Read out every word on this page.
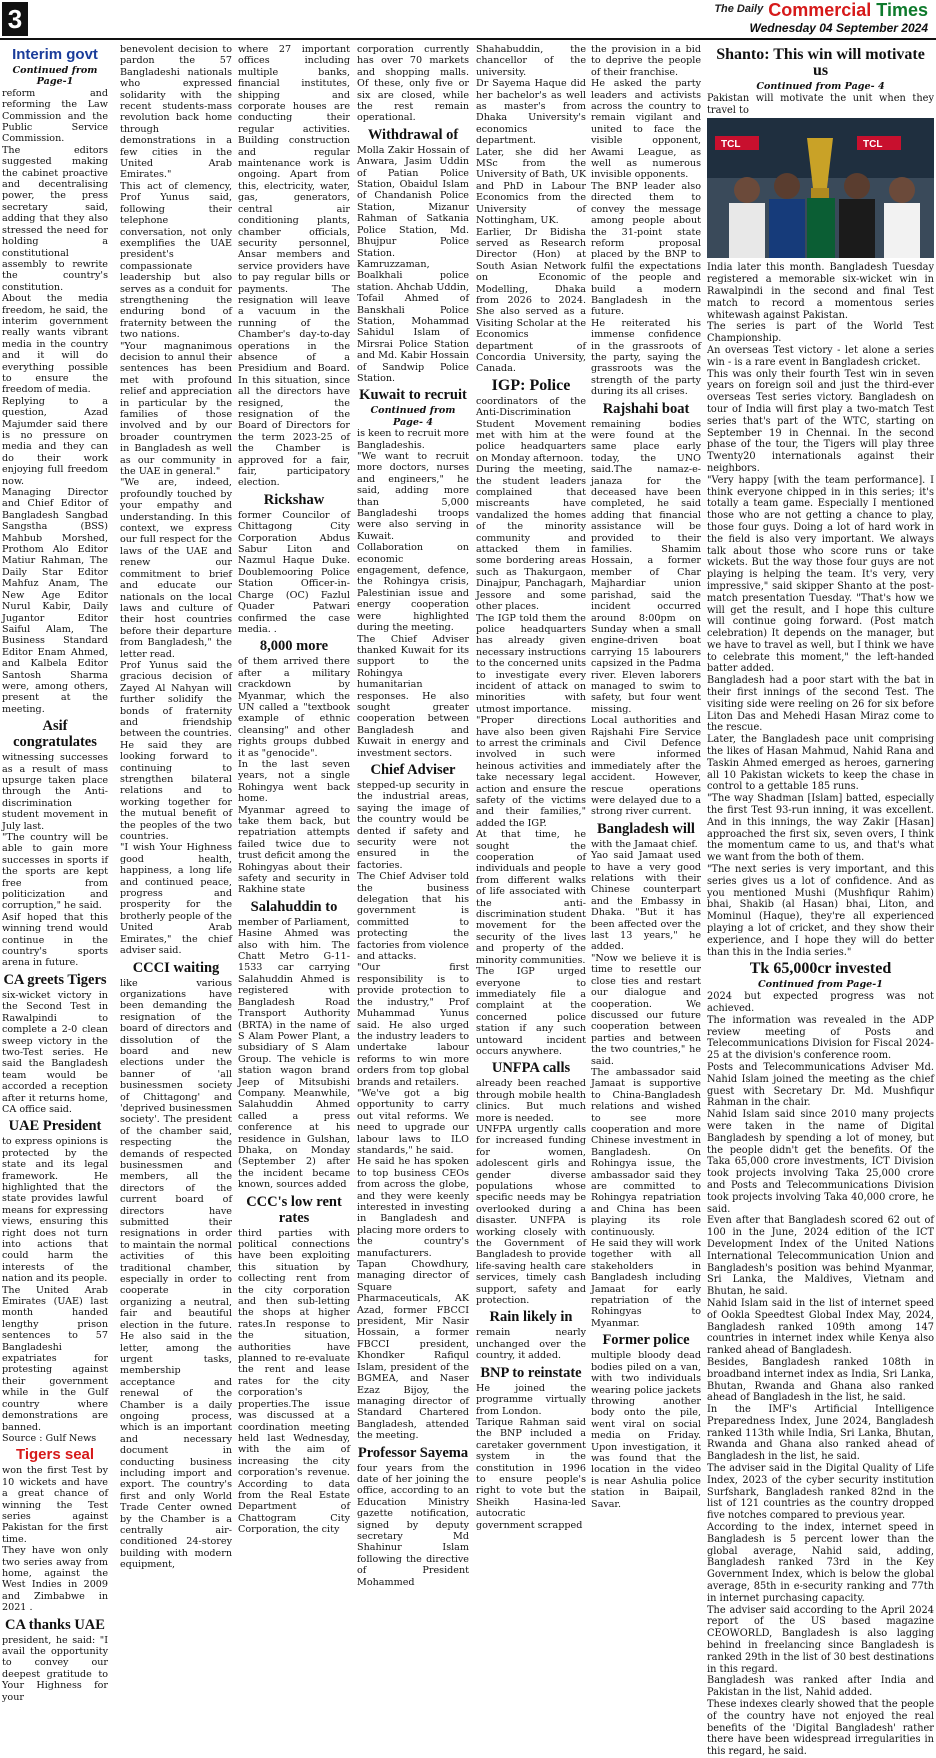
3	$^{The Daily}$ Commercial Times
Wednesday 04 September 2024
Interim govt
Continued from Page-1

reform and reforming the Law Commission and the Public Service Commission.

The editors suggested making the cabinet proactive and decentralising power, the press secretary said, adding that they also stressed the need for holding a constitutional assembly to rewrite the country's constitution.

About the media freedom, he said, the interim government really wants vibrant media in the country and it will do everything possible to ensure the freedom of media.

Replying to a question, Azad Majumder said there is no pressure on media and they can do their work enjoying full freedom now.

Managing Director and Chief Editor of Bangladesh Sangbad Sangstha (BSS) Mahbub Morshed, Prothom Alo Editor Matiur Rahman, The Daily Star Editor Mahfuz Anam, The New Age Editor Nurul Kabir, Daily Jugantor Editor Saiful Alam, The Business Standard Editor Enam Ahmed, and Kalbela Editor Santosh Sharma were, among others, present at the meeting.

Asif congratulates

witnessing successes as a result of mass upsurge taken place through the Anti-discrimination student movement in July last.

"The country will be able to gain more successes in sports if the sports are kept free from politicization and corruption," he said.

Asif hoped that this winning trend would continue in the country's sports arena in future.

CA greets Tigers

six-wicket victory in the Second Test in Rawalpindi to complete a 2-0 clean sweep victory in the two-Test series. He said the Bangladesh team would be accorded a reception after it returns home, CA office said.

UAE President

to express opinions is protected by the state and its legal framework. He highlighted that the state provides lawful means for expressing views, ensuring this right does not turn into actions that could harm the interests of the nation and its people.

The United Arab Emirates (UAE) last month handed lengthy prison sentences to 57 Bangladeshi expatriates for protesting against their government while in the Gulf country where demonstrations are banned.

Source : Gulf News

Tigers seal

won the first Test by 10 wickets and have a great chance of winning the Test series against Pakistan for the first time.

They have won only two series away from home, against the West Indies in 2009 and Zimbabwe in 2021 .

CA thanks UAE

president, he said: "I avail the opportunity to convey our deepest gratitude to Your Highness for your

benevolent decision to pardon the 57 Bangladeshi nationals who expressed solidarity with the recent students-mass revolution back home through demonstrations in a few cities in the United Arab Emirates."

This act of clemency, Prof Yunus said, following their telephone conversation, not only exemplifies the UAE president's compassionate leadership but also serves as a conduit for strengthening the enduring bond of fraternity between the two nations.

"Your magnanimous decision to annul their sentences has been met with profound relief and appreciation in particular by the families of those involved and by our broader countrymen in Bangladesh as well as our community in the UAE in general."

"We are, indeed, profoundly touched by your empathy and understanding. In this context, we express our full respect for the laws of the UAE and renew our commitment to brief and educate our nationals on the local laws and culture of their host countries before their departure from Bangladesh," the letter read.

Prof Yunus said the gracious decision of Zayed Al Nahyan will further solidify the bonds of fraternity and friendship between the countries.

He said they are looking forward to continuing to strengthen bilateral relations and to working together for the mutual benefit of the peoples of the two countries.

"I wish Your Highness good health, happiness, a long life and continued peace, progress and prosperity for the brotherly people of the United Arab Emirates," the chief adviser said.

CCCI waiting

like various organizations have been demanding the resignation of the board of directors and dissolution of the board and new elections under the banner of 'all businessmen society of Chittagong' and 'deprived businessmen society'. The president of the chamber said, respecting the demands of respected businessmen and members, all the directors of the current board of directors have submitted their resignations in order to maintain the normal activities of this traditional chamber, especially in order to cooperate in organizing a neutral, fair and beautiful election in the future. He also said in the letter, among the urgent tasks, membership acceptance and renewal of the Chamber is a daily ongoing process, which is an important and necessary document in conducting business including import and export. The country's first and only World Trade Center owned by the Chamber is a centrally air-conditioned 24-storey building with modern equipment,

where 27 important offices including multiple banks, financial institutes, shipping and corporate houses are conducting their regular activities. Building construction and regular maintenance work is ongoing. Apart from this, electricity, water, gas, generators, central air conditioning plants, chamber officials, security personnel, Ansar members and service providers have to pay regular bills or payments. The resignation will leave a vacuum in the running of the Chamber's day-to-day operations in the absence of a Presidium and Board. In this situation, since all the directors have resigned, the resignation of the Board of Directors for the term 2023-25 of the Chamber is approved for a fair, fair, participatory election.

Rickshaw

former Councilor of Chittagong City Corporation Abdus Sabur Liton and Nazmul Haque Duke. Doublemooring Police Station Officer-in-Charge (OC) Fazlul Quader Patwari confirmed the case media. .

8,000 more

of them arrived there after a military crackdown by Myanmar, which the UN called a "textbook example of ethnic cleansing" and other rights groups dubbed it as "genocide".

In the last seven years, not a single Rohingya went back home.

Myanmar agreed to take them back, but repatriation attempts failed twice due to trust deficit among the Rohingyas about their safety and security in Rakhine state

Salahuddin to

member of Parliament, Hasine Ahmed was also with him. The Chatt Metro G-11-1533 car carrying Salahuddin Ahmed is registered with Bangladesh Road Transport Authority (BRTA) in the name of S Alam Power Plant, a subsidiary of S Alam Group. The vehicle is station wagon brand Jeep of Mitsubishi Company. Meanwhile, Salahuddin Ahmed called a press conference at his residence in Gulshan, Dhaka, on Monday (September 2) after the incident became known, sources added

CCC's low rent rates

third parties with political connections have been exploiting this situation by collecting rent from the city corporation and then sub-letting the shops at higher rates.In response to the situation, authorities have planned to re-evaluate the rent and lease rates for the city corporation's properties.The issue was discussed at a coordination meeting held last Wednesday, with the aim of increasing the city corporation's revenue. According to data from the Real Estate Department of Chattogram City Corporation, the city

corporation currently has over 70 markets and shopping malls. Of these, only five or six are closed, while the rest remain operational.

Withdrawal of

Molla Zakir Hossain of Anwara, Jasim Uddin of Patian Police Station, Obaidul Islam of Chandanish Police Station, Mizanur Rahman of Satkania Police Station, Md. Bhujpur Police Station. Kamruzzaman, Boalkhali police station. Ahchab Uddin, Tofail Ahmed of Banskhali Police Station, Mohammad Sahidul Islam of Mirsrai Police Station and Md. Kabir Hossain of Sandwip Police Station.

Kuwait to recruit
Continued from Page- 4

is keen to recruit more Bangladeshis.

"We want to recruit more doctors, nurses and engineers," he said, adding more than 5,000 Bangladeshi troops were also serving in Kuwait.

Collaboration on economic engagement, defence, the Rohingya crisis, Palestinian issue and energy cooperation were highlighted during the meeting.

The Chief Adviser thanked Kuwait for its support to the Rohingya humanitarian responses. He also sought greater cooperation between Bangladesh and Kuwait in energy and investment sectors.

Chief Adviser

stepped-up security in the industrial areas, saying the image of the country would be dented if safety and security were not ensured in the factories.

The Chief Adviser told the business delegation that his government is committed to protecting the factories from violence and attacks.

"Our first responsibility is to provide protection to the industry," Prof Muhammad Yunus said. He also urged the industry leaders to undertake labour reforms to win more orders from top global brands and retailers.

"We've got a big opportunity to carry out vital reforms. We need to upgrade our labour laws to ILO standards," he said.

He said he has spoken to top business CEOs from across the globe, and they were keenly interested in investing in Bangladesh and placing more orders to the country's manufacturers.

Tapan Chowdhury, managing director of Square Pharmaceuticals, AK Azad, former FBCCI president, Mir Nasir Hossain, a former FBCCI president, Khondker Rafiqul Islam, president of the BGMEA, and Naser Ezaz Bijoy, the managing director of Standard Chartered Bangladesh, attended the meeting.

Professor Sayema

four years from the date of her joining the office, according to an Education Ministry gazette notification, signed by deputy secretary Md Shahinur Islam following the directive of President Mohammed

Shahabuddin, the chancellor of the university.

Dr Sayema Haque did her bachelor's as well as master's from Dhaka University's economics department.

Later, she did her MSc from the University of Bath, UK and PhD in Labour Economics from the University of Nottingham, UK.

Earlier, Dr Bidisha served as Research Director (Hon) at South Asian Network on Economic Modelling, Dhaka from 2026 to 2024. She also served as a Visiting Scholar at the Economics department of Concordia University, Canada.

IGP: Police

coordinators of the Anti-Discrimination Student Movement met with him at the police headquarters on Monday afternoon.

During the meeting, the student leaders complained that miscreants have vandalized the homes of the minority community and attacked them in some bordering areas such as Thakurgaon, Dinajpur, Panchagarh, Jessore and some other places.

The IGP told them the police headquarters has already given necessary instructions to the concerned units to investigate every incident of attack on minorities with utmost importance.

"Proper directions have also been given to arrest the criminals involved in such heinous activities and take necessary legal action and ensure the safety of the victims and their families," added the IGP.

At that time, he sought the cooperation of individuals and people from different walks of life associated with the anti-discrimination student movement for the security of the lives and property of the minority communities.

The IGP urged everyone to immediately file a complaint at the concerned police station if any such untoward incident occurs anywhere.

UNFPA calls

already been reached through mobile health clinics. But much more is needed.

UNFPA urgently calls for increased funding for women, adolescent girls and gender diverse populations whose specific needs may be overlooked during a disaster. UNFPA is working closely with the Government of Bangladesh to provide life-saving health care services, timely cash support, safety and protection.

Rain likely in

remain nearly unchanged over the country, it added.

BNP to reinstate

He joined the programme virtually from London.

Tarique Rahman said the BNP included a caretaker government system in the constitution in 1996 to ensure people's right to vote but the Sheikh Hasina-led autocratic government scrapped

the provision in a bid to deprive the people of their franchise.

He asked the party leaders and activists across the country to remain vigilant and united to face the visible opponent, Awami League, as well as numerous invisible opponents.

The BNP leader also directed them to convey the message among people about the 31-point state reform proposal placed by the BNP to fulfil the expectations of the people and build a modern Bangladesh in the future.

He reiterated his immense confidence in the grassroots of the party, saying the grassroots was the strength of the party during its all crises.

Rajshahi boat

remaining bodies were found at the same place early today, the UNO said.The namaz-e-janaza for the deceased have been completed, he said adding that financial assistance will be provided to their families. Shamim Hossain, a former member of Char Majhardiar union parishad, said the incident occurred around 8:00pm on Sunday when a small engine-driven boat carrying 15 labourers capsized in the Padma river. Eleven laborers managed to swim to safety, but four went missing.

Local authorities and Rajshahi Fire Service and Civil Defence were informed immediately after the accident. However, rescue operations were delayed due to a strong river current.

Bangladesh will

with the Jamaat chief.

Yao said Jamaat used to have a very good relations with their Chinese counterpart and the Embassy in Dhaka. "But it has been affected over the last 13 years," he added.

"Now we believe it is time to resettle our close ties and restart our dialogue and cooperation. We discussed our future cooperation between parties and between the two countries," he said.

The ambassador said Jamaat is supportive to China-Bangladesh relations and wished to see more cooperation and more Chinese investment in Bangladesh. On Rohingya issue, the ambassador said they are committed to Rohingya repatriation and China has been playing its role continuously.

He said they will work together with all stakeholders in Bangladesh including Jamaat for early repatriation of the Rohingyas to Myanmar.

Former police

multiple bloody dead bodies piled on a van, with two individuals wearing police jackets throwing another body onto the pile, went viral on social media on Friday. Upon investigation, it was found that the location in the video is near Ashulia police station in Baipail, Savar.

Shanto: This win will motivate us
Continued from Page- 4

Pakistan will motivate the unit when they travel to

TCL	TCL

India later this month. Bangladesh Tuesday registered a memorable six-wicket win in Rawalpindi in the second and final Test match to record a momentous series whitewash against Pakistan.

The series is part of the World Test Championship.

An overseas Test victory - let alone a series win - is a rare event in Bangladesh cricket.

This was only their fourth Test win in seven years on foreign soil and just the third-ever overseas Test series victory. Bangladesh on tour of India will first play a two-match Test series that's part of the WTC, starting on September 19 in Chennai. In the second phase of the tour, the Tigers will play three Twenty20 internationals against their neighbors.

"Very happy [with the team performance]. I think everyone chipped in in this series; it's totally a team game. Especially I mentioned those who are not getting a chance to play, those four guys. Doing a lot of hard work in the field is also very important. We always talk about those who score runs or take wickets. But the way those four guys are not playing is helping the team. It's very, very impressive," said skipper Shanto at the post-match presentation Tuesday. "That's how we will get the result, and I hope this culture will continue going forward. (Post match celebration) It depends on the manager, but we have to travel as well, but I think we have to celebrate this moment," the left-handed batter added.

Bangladesh had a poor start with the bat in their first innings of the second Test. The visiting side were reeling on 26 for six before Liton Das and Mehedi Hasan Miraz come to the rescue.

Later, the Bangladesh pace unit comprising the likes of Hasan Mahmud, Nahid Rana and Taskin Ahmed emerged as heroes, garnering all 10 Pakistan wickets to keep the chase in control to a gettable 185 runs.

"The way Shadman [Islam] batted, especially the first Test 93-run inning, it was excellent. And in this innings, the way Zakir [Hasan] approached the first six, seven overs, I think the momentum came to us, and that's what we want from the both of them.

"The next series is very important, and this series gives us a lot of confidence. And as you mentioned Mushi (Mushfiqur Rahim) bhai, Shakib (al Hasan) bhai, Liton, and Mominul (Haque), they're all experienced playing a lot of cricket, and they show their experience, and I hope they will do better than this in the India series."

Tk 65,000cr invested
Continued from Page-1

2024 but expected progress was not achieved.

The information was revealed in the ADP review meeting of Posts and Telecommunications Division for Fiscal 2024-25 at the division's conference room.

Posts and Telecommunications Adviser Md. Nahid Islam joined the meeting as the chief guest with Secretary Dr. Md. Mushfiqur Rahman in the chair.

Nahid Islam said since 2010 many projects were taken in the name of Digital Bangladesh by spending a lot of money, but the people didn't get the benefits. Of the Taka 65,000 crore investments, ICT Division took projects involving Taka 25,000 crore and Posts and Telecommunications Division took projects involving Taka 40,000 crore, he said.

Even after that Bangladesh scored 62 out of 100 in the June, 2024 edition of the ICT Development Index of the United Nations International Telecommunication Union and Bangladesh's position was behind Myanmar, Sri Lanka, the Maldives, Vietnam and Bhutan, he said.

Nahid Islam said in the list of internet speed of Ookla Speedtest Global Index May, 2024, Bangladesh ranked 109th among 147 countries in internet index while Kenya also ranked ahead of Bangladesh.

Besides, Bangladesh ranked 108th in broadband internet index as India, Sri Lanka, Bhutan, Rwanda and Ghana also ranked ahead of Bangladesh in the list, he said.

In the IMF's Artificial Intelligence Preparedness Index, June 2024, Bangladesh ranked 113th while India, Sri Lanka, Bhutan, Rwanda and Ghana also ranked ahead of Bangladesh in the list, he said.

The adviser said in the Digital Quality of Life Index, 2023 of the cyber security institution Surfshark, Bangladesh ranked 82nd in the list of 121 countries as the country dropped five notches compared to previous year.

According to the index, internet speed in Bangladesh is 5 percent lower than the global average, Nahid said, adding, Bangladesh ranked 73rd in the Key Government Index, which is below the global average, 85th in e-security ranking and 77th in internet purchasing capacity.

The adviser said according to the April 2024 report of the US based magazine CEOWORLD, Bangladesh is also lagging behind in freelancing since Bangladesh is ranked 29th in the list of 30 best destinations in this regard.

Bangladesh was ranked after India and Pakistan in the list, Nahid added.

These indexes clearly showed that the people of the country have not enjoyed the real benefits of the 'Digital Bangladesh' rather there have been widespread irregularities in this regard, he said.
